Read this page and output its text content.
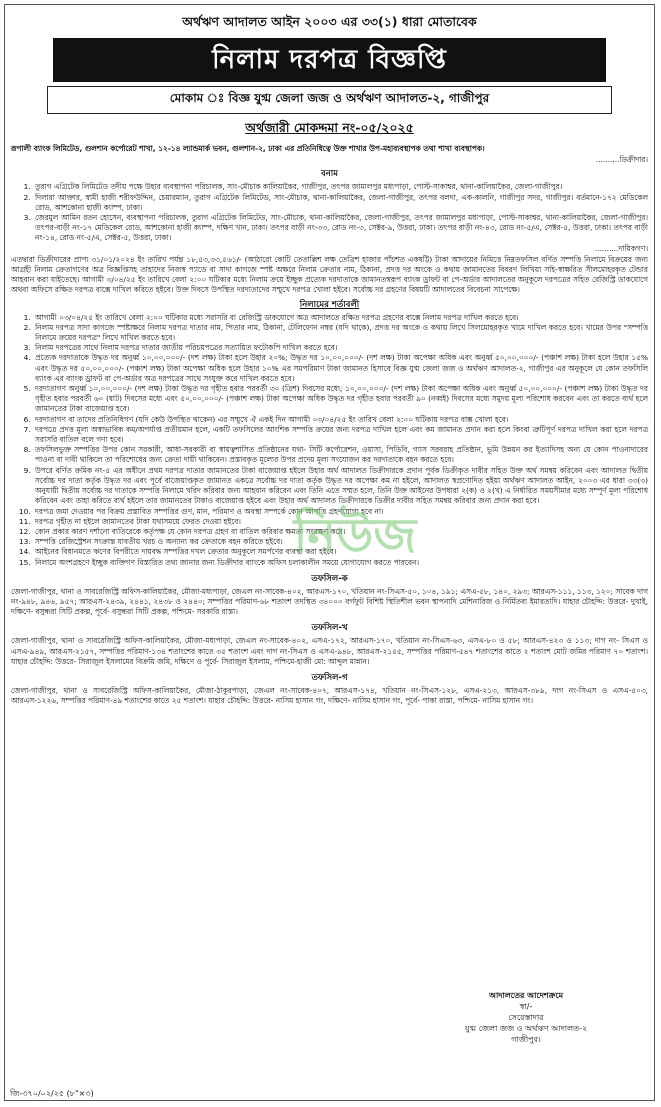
অর্থঋণ আদালত আইন ২০০৩ এর ৩৩(১) ধারা মোতাবেক
নিলাম দরপত্র বিজ্ঞপ্তি
মোকাম ঃ বিজ্ঞ যুগ্ম জেলা জজ ও অর্থঋণ আদালত-২, গাজীপুর
অর্থজারী মোকদ্দমা নং-০৫/২০২৫

রূপালী ব্যাংক লিমিটেড, গুলশান কর্পোরেট শাখা, ১২-১৪ ল্যান্ডমার্ক ভবন, গুলশান-২, ঢাকা এর প্রতিনিধিত্বে উক্ত শাখার উপ-মহাব্যবস্থাপক তথা শাখা ব্যবস্থাপক।

..........ডিক্রীদার।

বনাম
1. তুরাগ এগ্রিটেক লিমিটেড তদীয় পক্ষে উহার ব্যবস্থাপনা পরিচালক, সাং-মৌচাক কালিয়াকৈর, গাজীপুর, তৎপর জামালপুর মধ্যপাড়া, পোস্ট-সাকাশ্বর, থানা-কালিয়াকৈর, জেলা-গাজীপুর।
2. দিলারা আক্তার, স্বামী হাজী শরীফউদ্দিন, চেয়ারম্যান, তুরাগ এগ্রিটেক লিমিটেড, সাং-মৌচাক, থানা-কালিয়াকৈর, জেলা-গাজীপুর, তৎপর বলদা, এক-কালনি, গাজীপুর সদর, গাজীপুর। বর্তমানে-১৭২ মেডিকেল রোড, আশকোনা হাজী ক্যাম্প, ঢাকা।
3. জেরমুল আমিন রতন হোসেন, ব্যবস্থাপনা পরিচালক, তুরাগ এগ্রিটেক লিমিটেড, সাং-মৌচাক, থানা-কালিয়াকৈর, জেলা-গাজীপুর, তৎপর জামালপুর মধ্যপাড়া, পোস্ট-সাকাশ্বর, থানা-কালিয়াকৈর, জেলা-গাজীপুর। তৎপর-বাড়ী নং-১৭ মেডিকেল রোড, আশকোনা হাজী ক্যাম্প, দক্ষিণ খান, ঢাকা। তৎপর বাড়ী নং-৩৩, রোড নং-৩, সেক্টর-৯, উত্তরা, ঢাকা। তৎপর বাড়ী নং-৪৩, রোড নং-৫/এ, সেক্টর-৫, উত্তরা, ঢাকা। তৎপর বাড়ী নং-১৪, রোড নং-৫/এ, সেক্টর-৫, উত্তরা, ঢাকা।

..........দায়িকগণ।

এতদ্বারা ডিক্রীদারের প্রাপ্য ৩১/০১/২০২৪ ইং তারিখ পর্যন্ত ১৮,৫৩,৩৩,৫৬১/- (আঠারো কোটি তেতাল্লিশ লক্ষ তেত্রিশ হাজার পাঁচশত একষট্টি) টাকা আদায়ের নিমিত্তে নিম্নতফসিল বর্ণিত সম্পত্তি নিলামে বিক্রয়ের জন্য আগ্রহী নিলাম ক্রেতাগণের অত্র বিজ্ঞপ্তিসহ তাহাদের নিজস্ব প্যাডে বা সাদা কাগজে স্পষ্ট অক্ষরে নিলাম ক্রেতার নাম, ঠিকানা, প্রদত্ত দর অংকে ও কথায় জামানতের বিবরণ লিখিয়া সহি-স্বাক্ষরিত সীলমোহরকৃত টেন্ডার আহবান করা যাইতেছে। আগামী ৩/০৪/২৫ ইং তারিখে বেলা ২:০০ ঘটিকার মধ্যে নিলাম ক্রয়ে ইচ্ছুক প্রত্যেক দরদাতাকে জামানতস্বরূপ ব্যাংক ড্রাফট বা পে-অর্ডার আদালতের অনুকূলে দরপত্রের সহিত রেজিস্ট্রি ডাকযোগে অথবা অফিসে রক্ষিত দরপত্র বাক্সে দাখিল করিতে হইবে। উক্ত দিবসে উপস্থিত দরদাতাদের সম্মুখে দরপত্র খোলা হইবে। সর্বোচ্চ দর গ্রহণের বিষয়টি আদালতের বিবেচনা সাপেক্ষে।

নিলামের শর্তাবলী
1. আগামী ০৩/০৪/২৫ ইং তারিখে বেলা ২:০০ ঘটিকার মধ্যে সরাসরি বা রেজিস্ট্রি ডাকযোগে অত্র আদালতে রক্ষিত দরপত্র গ্রহণের বাক্সে নিলাম দরপত্র দাখিল করতে হবে।
2. নিলাম দরপত্র সাদা কাগজে স্পষ্টাক্ষরে নিলাম দরপত্র দাতার নাম, পিতার নাম, ঠিকানা, টেলিফোন নম্বর (যদি থাকে), প্রদত্ত দর অংকে ও কথায় লিখে সিলমোহরকৃত খামে দাখিল করতে হবে। খামের উপর "সম্পত্তি নিলামে ক্রয়ের দরপত্র" লিখে দাখিল করতে হবে।
3. নিলাম দরপত্রের সাথে নিলাম দরপত্র দাতার জাতীয় পরিচয়পত্রের সত্যায়িত ফটোকপি দাখিল করতে হবে।
4. প্রত্যেক দরদাতাকে উদ্ধৃত দর অনুর্ধ্ব ১০,০০,০০০/- (দশ লক্ষ) টাকা হলে উহার ২০%; উদ্ধৃত দর ১০,০০,০০০/- (দশ লক্ষ) টাকা অপেক্ষা অধিক এবং অনুর্ধ্ব ৫০,০০,০০০/- (পঞ্চাশ লক্ষ) টাকা হলে উহার ১৫% এবং উদ্ধৃত দর ৫০,০০,০০০/- (পঞ্চাশ লক্ষ) টাকা অপেক্ষা অধিক হলে উহার ১০% এর সমপরিমাণ টাকা জামানত হিসাবে বিজ্ঞ যুগ্ম জেলা জজ ও অর্থঋণ আদালত-২, গাজীপুর এর অনুকূলে যে কোন তফসিলি ব্যাংক এর ব্যাংক ড্রাফট বা পে-অর্ডার অত্র দরপত্রের সাথে সংযুক্ত করে দাখিল করতে হবে।
5. দরদাতাগণ অনুর্ধ্ব ১০,০০,০০০/- (দশ লক্ষ) টাকা উদ্ধৃত দর গৃহীত হবার পরবর্তী ৩০ (ত্রিশ) দিবসের মধ্যে; ১০,০০,০০০/- (দশ লক্ষ) টাকা অপেক্ষা অধিক এবং অনুর্ধ্ব ৫০,০০,০০০/- (পঞ্চাশ লক্ষ) টাকা উদ্ধৃত দর গৃহীত হবার পরবর্তী ৬০ (ষাট) দিবসের মধ্যে এবং ৫০,০০,০০০/- (পঞ্চাশ লক্ষ) টাকা অপেক্ষা অধিক উদ্ধৃত দর গৃহীত হবার পরবর্তী ৯০ (নব্বই) দিবসের মধ্যে সমুদয় মূল্য পরিশোধ করবেন এবং তা করতে ব্যর্থ হলে জামানতের টাকা বাজেয়াপ্ত হবে।
6. দরদাতাগণ বা তাদের প্রতিনিধিগণ (যদি কেউ উপস্থিত থাকেন) এর সম্মুখে ঐ একই দিন আগামী ০৩/০৪/২৫ ইং তারিখ বেলা ২:০০ ঘটিকায় দরপত্র বাক্স খোলা হবে।
7. দরপত্রে প্রদত্ত মূল্য অস্বাভাবিক কম/অপর্যাপ্ত প্রতীয়মান হলে, একটি তফসিলের আংশিক সম্পত্তি ক্রয়ের জন্য দরপত্র দাখিল হলে এবং কম জামানত প্রদান করা হলে কিংবা ত্রুটিপূর্ণ দরপত্র দাখিল করা হলে দরপত্র সরাসরি বাতিল বলে গণ্য হবে।
8. তফসিলভুক্ত সম্পত্তির উপর কোন সরকারী, আধা-সরকারী বা স্বায়ত্বশাসিত প্রতিষ্ঠানের যথা- সিটি কর্পোরেশন, ওয়াসা, পিডিবি, গ্যাস সরবরাহ প্রতিষ্ঠান, ভূমি উন্নয়ন কর ইত্যাদিসহ অন্য যে কোন পাওনাদারের পাওনা বা দাবী থাকিলে তা পরিশোধের জন্য ক্রেতা দায়ী থাকিবেন। প্রস্তাবকৃত মূল্যের উপর প্রদেয় মূল্য সংযোজন কর দরদাতাকে বহন করতে হবে।
9. উপরে বর্ণিত ক্রমিক নং-৫ এর অধীনে প্রথম দরপত্র দাতার জামানতের টাকা বাজেয়াপ্ত হইলে উহার অর্থ আদালত ডিক্রীদারকে প্রদান পূর্বক ডিক্রীকৃত দাবীর সহিত উক্ত অর্থ সমন্বয় করিবেন এবং আদালত দ্বিতীয় সর্বোচ্চ দর দাতা কর্তৃক উদ্ধৃত দর এবং পূর্বে বাজেয়াপ্তকৃত জামানত একত্রে সর্বোচ্চ দর দাতা কর্তৃক উদ্ধৃত দর অপেক্ষা কম না হইলে, আদালত স্বপ্রণোদিত হইয়া অর্থঋণ আদালত আইন, ২০০৩ এর ধারা ৩৩(৩) অনুযায়ী দ্বিতীয় সর্বোচ্চ দর দাতাকে সম্পত্তি নিলামে খরিদ করিবার জন্য আহবান করিবেন এবং তিনি এতে সম্মত হলে, তিনি উক্ত আইনের উপধারা ২(ক) ও ২(খ) এ নির্ধারিত সময়সীমার মধ্যে সম্পূর্ণ মূল্য পরিশোধ করিবেন এবং তাহা করিতে ব্যর্থ হইলে তার জামানতের টাকাও বাজেয়াপ্ত হইবে এবং উহার অর্থ আদালত ডিক্রীদারকে ডিক্রীর দাবীর সহিত সমন্বয় করিবার জন্য প্রদান করা হবে।
10. দরপত্র জমা দেওয়ার পর বিক্রয় প্রস্তাবিত সম্পত্তির গুণ, মান, পরিমাণ ও অবস্থা সম্পর্কে কোন আপত্তি গ্রহণযোগ্য হবে না।
11. দরপত্র গৃহীত না হইলে জামানতের টাকা যথাসময়ে ফেরত দেওয়া হইবে।
12. কোন প্রকার কারণ দর্শানো ব্যতিরেকে কর্তৃপক্ষ যে কোন দরপত্র গ্রহণ বা বাতিল করিবার ক্ষমতা সংরক্ষণ করে।
13. সম্পত্তি রেজিস্ট্রেশন সংক্রান্ত যাবতীয় খরচ ও অন্যান্য কর ক্রেতাকে বহন করিতে হইবে।
14. আইনের বিধানমতে ঋণের বিপরীতে দায়বদ্ধ সম্পত্তির দখল ক্রেতার অনুকূলে সমর্পণের ব্যবস্থা করা হইবে।
15. নিলামে অংশগ্রহণে ইচ্ছুক ব্যক্তিগণ বিস্তারিত তথ্য জানার জন্য ডিক্রীদার ব্যাংকে অফিস চলাকালীন সময়ে যোগাযোগ করতে পারবেন।
তফসিল-ক

জেলা-গাজীপুর, থানা ও সাবরেজিস্ট্রি অফিস-কালিয়াকৈর, মৌজা-মধ্যপাড়া, জেএল নং-সাবেক-৪০২, আরএস-১৭০, খতিয়ান নং-সিএস-৫০, ১০৪, ১৯১; এসএ-৫৮, ১৪০, ২৯৩; আরএস-১১১, ১১৩, ১২০; সাবেক দাগ নং-৯৪৮, ৯৪৬, ৯৫৭; আরএস-২৪৩৯, ২৪৪১, ২৪৩৮ ও ২৪৪০; সম্পত্তির পরিমাণ-৬৮ শতাংশ তদস্থিত ৩৪০০০ বর্গফুট বিশিষ্ট স্থিতিশীল ভবন স্থাপনাদি মেশিনারিজ ও নির্মিতব্য ইমারতাদি। যাহার চৌহদ্দি: উত্তরে- দুখাই, দক্ষিণে- বসুন্ধরা সিটি প্রকল্প, পূর্বে- বসুন্ধরা সিটি প্রকল্প, পশ্চিমে- সরকারি রাস্তা।

তফসিল-খ

জেলা-গাজীপুর, থানা ও সাবরেজিস্ট্রি অফিস-কালিয়াকৈর, মৌজা-মধ্যপাড়া, জেএল নং-সাবেক-৪০২, এসএ-১৭২, আরএস-১৭০, খতিয়ান নং-সিএস-৬৩, এসএ-৮০ ও ৫৮; আরএস-৪২৩ ও ১১৩; দাগ নং- সিএস ও এসএ-৯৪৯, আরএস-২১৫৭, সম্পত্তির পরিমাণ-১৩৪ শতাংশের কাতে ৩৫ শতাংশ এবং দাগ নং-সিএস ও এসএ-৯৪৮, আরএস-২১৫৫, সম্পত্তির পরিমাণ-৫৪৭ শতাংশের কাতে ২ শতাংশ মোট জমির পরিমাণ ৭০ শতাংশ। যাহার চৌহদ্দি: উত্তরে- সিরাজুল ইসলামের বিক্রয়ি জমি, দক্ষিণে ও পূর্বে- সিরাজুল ইসলাম, পশ্চিমে-হাজী মো: আব্দুল মান্নান।

তফসিল-গ

জেলা-গাজীপুর, থানা ও সাবরেজিস্ট্রি অফিস-কালিয়াকৈর, মৌজা-ঠাকুরপাড়া, জেএল নং-সাবেক-৪০৭, আরএস-১৭৪, খতিয়ান নং-সিএস-১২৮, এসএ-২১৩, আরএস-৩৮৯, দাগ নং-সিএস ও এসএ-৫০৩, আরএস-১২২৬, সম্পত্তির পরিমাণ-৪৯ শতাংশের কাতে ২৫ শতাংশ। যাহার চৌহদ্দি: উত্তরে- নাসিম হাসান গং, দক্ষিণে- নাসিম হাসান গং, পূর্বে- পাকা রাস্তা, পশ্চিমে- নাসিম হাসান গং।

নিউজ

আদালতের আদেশক্রমে

স্বা/-

সেরেস্তাদার

যুগ্ম জেলা জজ ও অর্থঋণ আদালত-২

গাজীপুর।

জি-৩৭০/০২/২৫ (৮"×৩)
